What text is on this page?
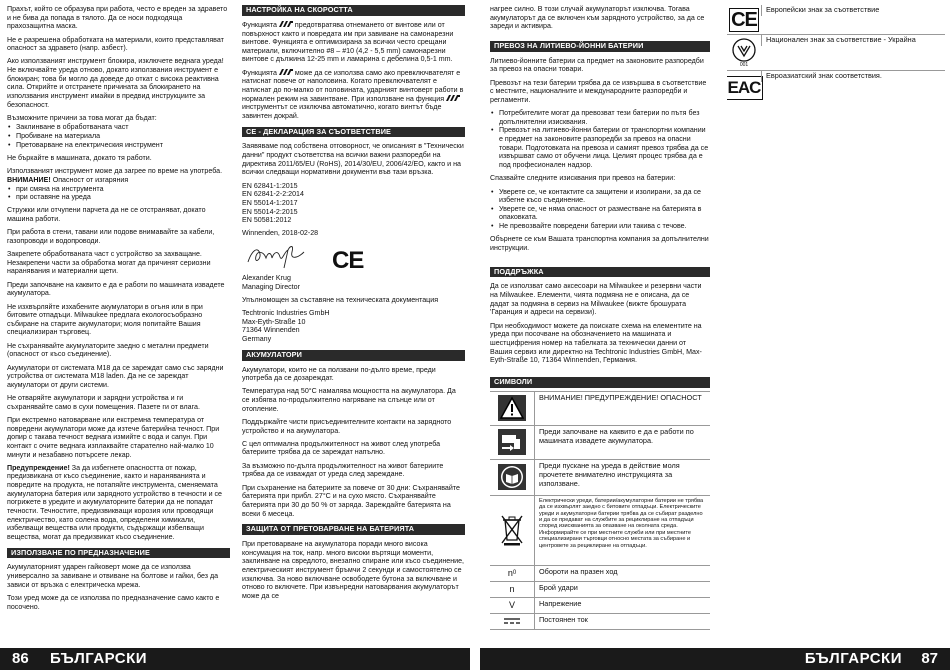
Прахът, който се образува при работа, често е вреден за здравето и не бива да попада в тялото. Да се носи подходяща прахозащитна маска.

Не е разрешена обработката на материали, които представляват опасност за здравето (напр. азбест).

Ако използваният инструмент блокира, изключете веднага уреда! Не включвайте уреда отново, докато използвания инструмент е блокиран; това би могло да доведе до откат с висока реактивна сила. Открийте и отстранете причината за блокирането на използвания инструмент имайки в предвид инструкциите за безопасност.

Възможните причини за това могат да бъдат:

• Заклинване в обработваната част
• Пробиване на материала
• Претоварване на електрическия инструмент

Не бъркайте в машината, докато тя работи.

Използваният инструмент може да загрее по време на употреба.
ВНИМАНИЕ! Опасност от изгаряния

• при смяна на инструмента
• при оставяне на уреда

Стружки или отчупени парчета да не се отстраняват, докато машина работи.

При работа в стени, тавани или подове внимавайте за кабели, газопроводи и водопроводи.

Закрепете обработваната част с устройство за захващане. Незакрепени части за обработка могат да причинят сериозни наранявания и материални щети.

Преди започване на каквито е да е работи по машината извадете акумулатора.

Не изхвърляйте изхабените акумулатори в огъня или в при битовите отпадъци. Milwaukee предлага екологосъобразно събиране на старите акумулатори; моля попитайте Вашия специализиран търговец.

Не съхранявайте акумулаторите заедно с метални предмети (опасност от късо съединение).

Акумулатори от системата M18 да се зареждат само със зарядни устройства от системата M18 laden. Да не се зареждат акумулатори от други системи.

Не отваряйте акумулатори и зарядни устройства и ги съхранявайте само в сухи помещения. Пазете ги от влага.

При екстремно натоварване или екстремна температура от повредени акумулатори може да изтече батерийна течност. При допир с такава течност веднага измийте с вода и сапун. При контакт с очите веднага изплаквайте старателно най-малко 10 минути и незабавно потърсете лекар.

Предупреждение! За да избегнете опасността от пожар, предизвикана от късо съединение, както и нараняванията и повредите на продукта, не потапяйте инструмента, сменяемата акумулаторна батерия или зарядното устройство в течности и се погрижете в уредите и акумулаторните батерии да не попадат течности. Течностите, предизвикващи корозия или проводящи електричество, като солена вода, определени химикали, избелващи вещества или продукти, съдържащи избелващи вещества, могат да предизвикат късо съединение.

ИЗПОЛЗВАНЕ ПО ПРЕДНАЗНАЧЕНИЕ

Акумулаторният ударен гайковерт може да се използва универсално за завиване и отвиване на болтове и гайки, без да зависи от връзка с електрическа мрежа.

Този уред може да се използва по предназначение само както е посочено.

НАСТРОЙКА НА СКОРОСТТА

Функцията	предотвратява отнемането от винтове или от повърхност както и повредата им при завиване на самонарезни винтове. Функцията е оптимизирана за всички често срещани материали, включително #8 – #10 (4,2 - 5,5 mm) самонарезни винтове с дължина 12-25 mm и ламарина с дебелина 0,5-1 mm.

Функцията	може да се използва само ако превключвателят е натиснат повече от наполовина. Когато превключвателят е натиснат до по-малко от половината, ударният винтоверт работи в нормален режим на завинтване. При използване на функция  инструментът се изключва автоматично, когато винтът бъде завинтен докрай.

СЕ - ДЕКЛАРАЦИЯ ЗА СЪОТВЕТСТВИЕ

Заявяваме под собствена отговорност, че описаният в "Технически данни" продукт съответства на всички важни разпоредби на директива 2011/65/EU (RoHS), 2014/30/EU, 2006/42/EO, както и на всички следващи нормативни документи във тази връзка.

EN 62841-1:2015
EN 62841-2-2:2014
EN 55014-1:2017
EN 55014-2:2015
EN 50581:2012

Winnenden, 2018-02-28

CE

Alexander Krug
Managing Director

Упълномощен за съставяне на техническата документация

Techtronic Industries GmbH
Max-Eyth-Straße 10
71364 Winnenden
Germany

АКУМУЛАТОРИ

Акумулатори, които не са ползвани по-дълго време, преди употреба да се дозареждат.

Температура над 50°C намалява мощността на акумулатора. Да се избягва по-продължително нагряване на слънце или от отопление.

Поддържайте чисти присъединителните контакти на зарядното устройство и на акумулатора.

С цел оптимална продължителност на живот след употреба батериите трябва да се зареждат напълно.

За възможно по-дълга продължителност на живот батериите трябва да се изваждат от уреда след зареждане.

При съхранение на батериите за повече от 30 дни: Съхранявайте батерията при прибл. 27°C и на сухо място. Съхранявайте батерията при 30 до 50 % от заряда. Зареждайте батерията на всеки 6 месеца.

ЗАЩИТА ОТ ПРЕТОВАРВАНЕ НА БАТЕРИЯТА

При претоварване на акумулатора поради много висока консумация на ток, напр. много високи въртящи моменти, заклинване на свредлото, внезапно спиране или късо съединение, електрическият инструмент бръмчи 2 секунди и самостоятелно се изключва. За ново включване освободете бутона за включване и отново го включете. При извънредни натоварвания акумулаторът може да се

86 БЪЛГАРСКИ

нагрее силно. В този случай акумулаторът изключва. Тогава акумулаторът да се включен към зарядното устройство, за да се зареди и активира.

ПРЕВОЗ НА ЛИТИЕВО-ЙОННИ БАТЕРИИ

Литиево-йонните батерии са предмет на законовите разпоредби за превоз на опасни товари.

Превозът на тези батерии трябва да се извършва в съответствие с местните, националните и международните разпоредби и регламенти.

• Потребителите могат да превозват тези батерии по пътя без допълнителни изисквания.
• Превозът на литиево-йонни батерии от транспортни компании е предмет на законовите разпоредби за превоз на опасни товари. Подготовката на превоза и самият превоз трябва да се извършват само от обучени лица. Целият процес трябва да е под професионален надзор.

Спазвайте следните изисквания при превоз на батерии:

• Уверете се, че контактите са защитени и изолирани, за да се избегне късо съединение.
• Уверете се, че няма опасност от разместване на батерията в опаковката.
• Не превозвайте повредени батерии или такива с течове.

Обърнете се към Вашата транспортна компания за допълнителни инструкции.

ПОДДРЪЖКА

Да се използват само аксесоари на Milwaukee и резервни части на Milwaukee. Елементи, чията подмяна не е описана, да се дадат за подмяна в сервиз на Milwaukee (вижте брошурата 'Гаранция и адреси на сервизи).

При необходимост можете да поискате схема на елементите на уреда при посочване на обозначението на машината и шестцифрения номер на табелката за технически данни от Вашия сервиз или директно на Techtronic Industries GmbH, Max-Eyth-Straße 10, 71364 Winnenden, Германия.

СИМВОЛИ
ВНИМАНИЕ! ПРЕДУПРЕЖДЕНИЕ! ОПАСНОСТ
Преди започване на каквито е да е работи по машината извадете акумулатора.
Преди пускане на уреда в действие моля прочетете внимателно инструкцията за използване.
Електрически уреди, батерии/акумулаторни батерии не трябва да се изхвърлят заедно с битовите отпадъци. Електрическите уреди и акумулаторни батерии трябва да се събират разделно и да се предават на службите за рециклиране на отпадъци според изискванията за опазване на околната среда. Информирайте се при местните служби или при местните специализирани търговци относно местата за събиране и центровете за рециклиране на отпадъци.
n 0	Обороти на празен ход
n	Брой удари
V	Напрежение
Постоянен ток
CE	Европейски знак за съответствие
001
Национален знак за съответствие - Украйна
EAC
Евроазиатский знак соответствия.
БЪЛГАРСКИ 87
